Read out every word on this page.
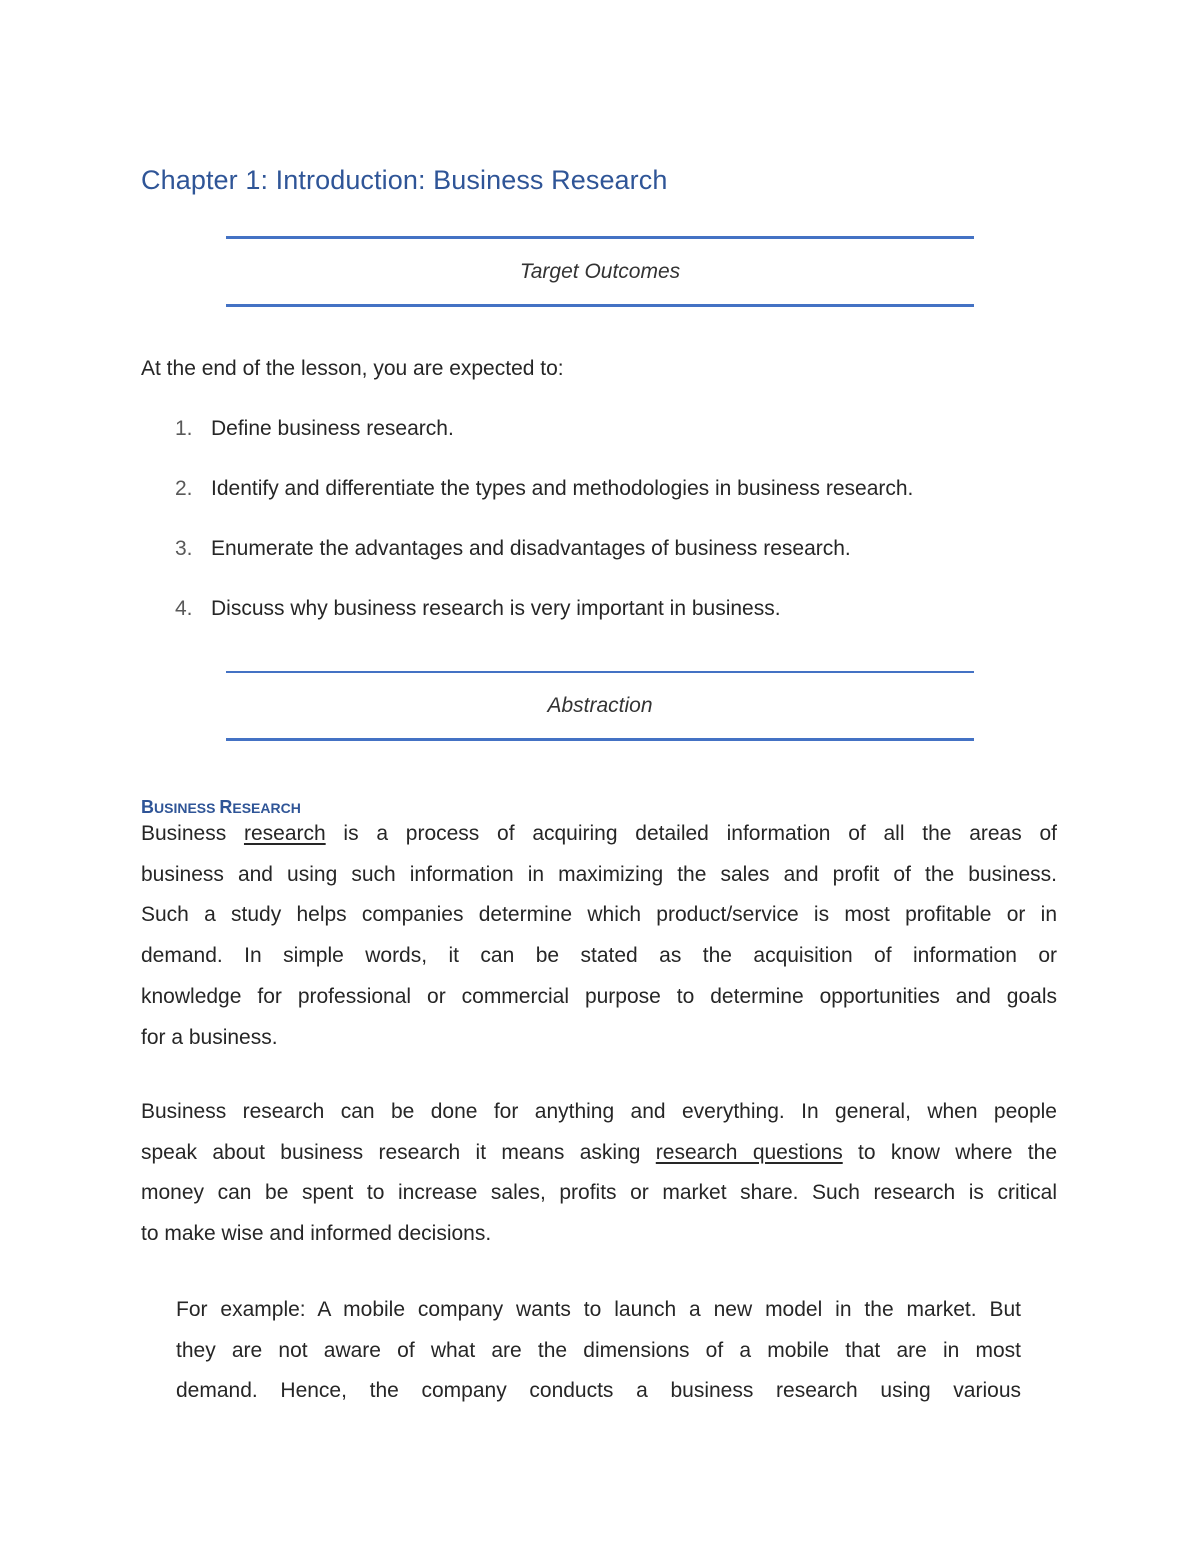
Chapter 1: Introduction: Business Research
Target Outcomes
At the end of the lesson, you are expected to:
1. Define business research.
2. Identify and differentiate the types and methodologies in business research.
3. Enumerate the advantages and disadvantages of business research.
4. Discuss why business research is very important in business.
Abstraction
BUSINESS RESEARCH
Business research is a process of acquiring detailed information of all the areas of
business and using such information in maximizing the sales and profit of the business.
Such a study helps companies determine which product/service is most profitable or in
demand. In simple words, it can be stated as the acquisition of information or
knowledge for professional or commercial purpose to determine opportunities and goals
for a business.
Business research can be done for anything and everything. In general, when people
speak about business research it means asking research questions to know where the
money can be spent to increase sales, profits or market share. Such research is critical
to make wise and informed decisions.
For example: A mobile company wants to launch a new model in the market. But
they are not aware of what are the dimensions of a mobile that are in most
demand. Hence, the company conducts a business research using various
